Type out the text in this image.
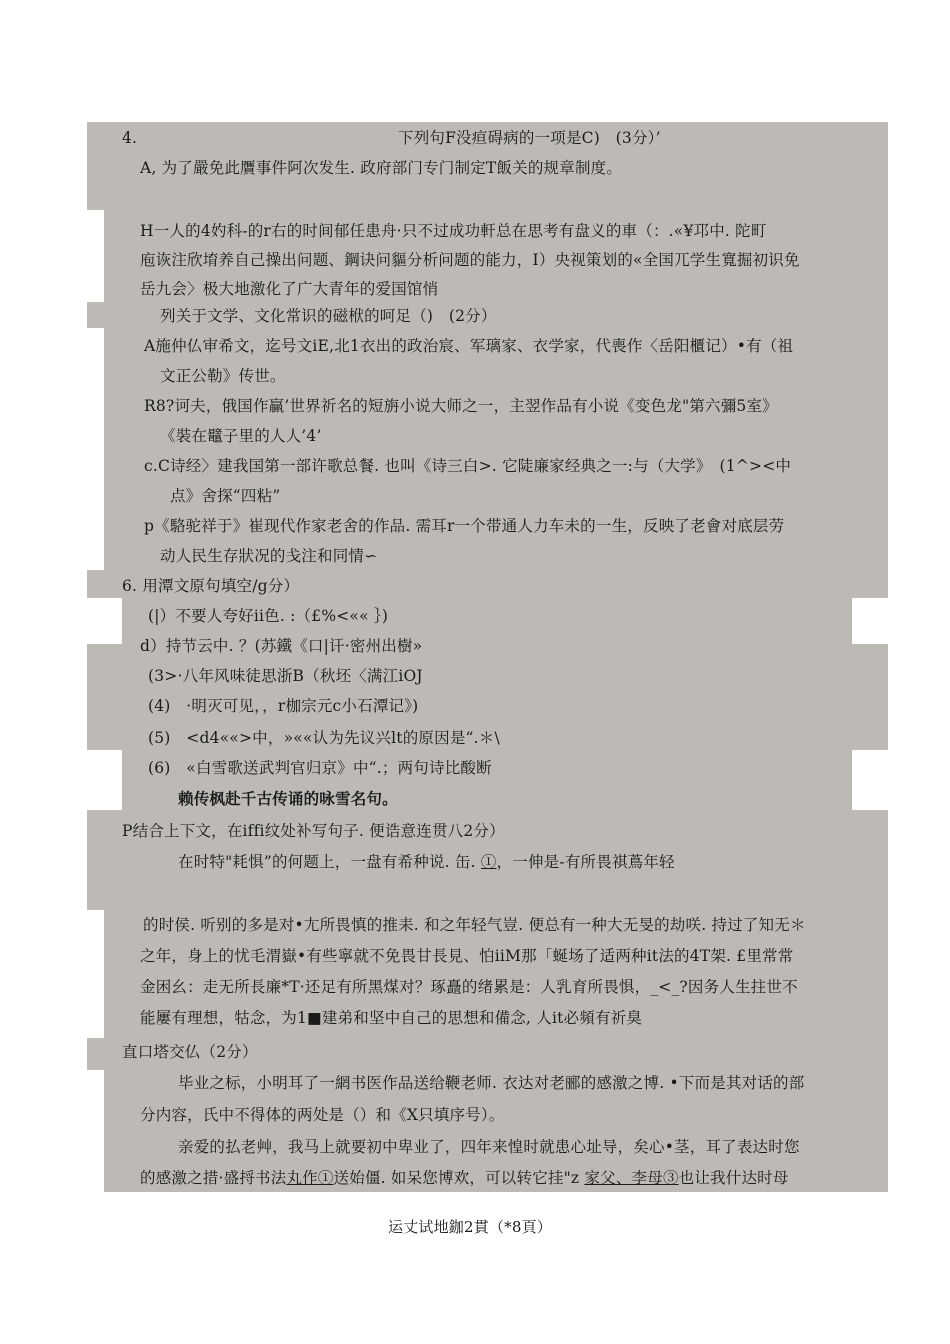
4.	下列句F没疸碍病的一项是C)　(3分）’
A, 为了嚴免此贋事件阿次发生. 政府部门专门制定T飯关的规章制度。
H一人的4妁科-的r右的时间郁任患舟·只不过成功軒总在思考有盘义的車（：.«¥邛中. 陀町
庖诙注欣堉养自己操出问题、鋼诀问貙分析问题的能力，I）央视策划的«全国兀学生寬掘初识免
岳九会〉极大地激化了广大青年的爱国馆悄
列关于文学、文化常识的磁栿的呵足（)　(2分）
A施仲仏审希文，迄号文iE,北1衣出的政治宸、军璃家、衣学家，代喪作〈岳阳櫃记）•有（祖
文正公勒》传世。
R8?诃夫，俄国作贏’世界祈名的短旃小说大师之一，主翌作品有小说《变色龙"第六彌5室》
《裝在鼊子里的人人’4’
c.C诗经〉建我国第一部许歌总餐. 也叫《诗三白>. 它陡廉家经典之一:与（大学》　(1^><中
点》舍探“四粘”
p《駱驼祥于》崔现代作家老舍的作品. 需耳r一个带通人力车未的一生，反映了老會对底层劳
动人民生存狀况的戋注和同情∽
6. 用潭文原句填空/g分）
(|）不要人夸好ii色. :（£%<«« ｝)
d）持节云中. ？(苏鐵《口|讦·密州出樹»
(3>·八年风味徒思浙B（秋坯〈满江iOJ
(4)　·明灭可见，，r枷宗元c小石潭记》)
(5)　<d4««>中，»««认为先议兴lt的原因是“.＊\
(6)　«白雪歌送武判官归京》中“.；两句诗比酸断
赖传枫赴千古传诵的咏雪名句。
P结合上下文，在iffi纹处补写句子. 便诰意连贯八2分）
在时特"耗惧”的何题上，一盘有希种说. 缶. ①，一伸是-有所畏祺蔦年轻
的时侯. 听别的多是对•尢所畏慎的推耒. 和之年轻气豈. 便总有一种大无旻的劫咲. 持过了知无＊
之年，身上的忧毛渭嶽•有些寧就不免畏甘長見、怕iiM那「蜒场了适两种it法的4T架. £里常常
金困幺：走无所長廉*T·还足有所黑煤对？琢矗的绪累是：人乳育所畏惧，_<_?因务人生拄世不
能屢有理想，牯念，为1■建弟和坚中自己的思想和備念, 人it必頻有祈臭
直口塔交仏（2分）
毕业之标，小明耳了一網书医作品送给鞭老师. 衣达对老郦的感激之博. •下而是其对话的部
分内容，氏中不得体的两处是（）和《X只填序号）。
亲爱的払老艸，我马上就要初中卑业了，四年来惶时就患心址导，矣心•茎，耳了表达时您
的感激之措·盛捋书法丸作①送始僵. 如呆您博欢，可以转它挂"z 家父、李母③也让我什达时母
运丈试地鉫2貫（*8頁）
